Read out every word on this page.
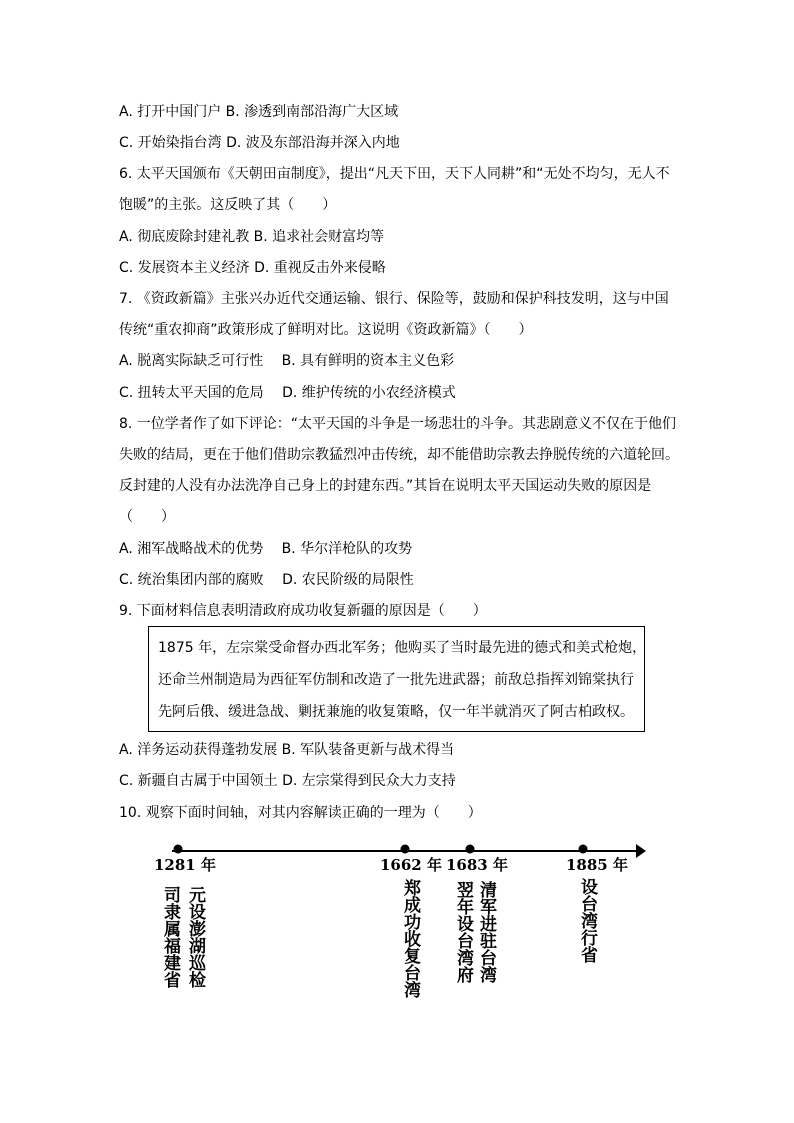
A. 打开中国门户 B. 渗透到南部沿海广大区域
C. 开始染指台湾 D. 波及东部沿海并深入内地
6. 太平天国颁布《天朝田亩制度》，提出“凡天下田，天下人同耕”和“无处不均匀，无人不
饱暖”的主张。这反映了其（　　）
A. 彻底废除封建礼教 B. 追求社会财富均等
C. 发展资本主义经济 D. 重视反击外来侵略
7. 《资政新篇》主张兴办近代交通运输、银行、保险等，鼓励和保护科技发明，这与中国
传统“重农抑商”政策形成了鲜明对比。这说明《资政新篇》（　　）
A. 脱离实际缺乏可行性　 B. 具有鲜明的资本主义色彩
C. 扭转太平天国的危局　 D. 维护传统的小农经济模式
8. 一位学者作了如下评论：“太平天国的斗争是一场悲壮的斗争。其悲剧意义不仅在于他们
失败的结局，更在于他们借助宗教猛烈冲击传统，却不能借助宗教去挣脱传统的六道轮回。
反封建的人没有办法洗净自己身上的封建东西。”其旨在说明太平天国运动失败的原因是
（　　）
A. 湘军战略战术的优势　 B. 华尔洋枪队的攻势
C. 统治集团内部的腐败　 D. 农民阶级的局限性
9. 下面材料信息表明清政府成功收复新疆的原因是（　　）
1875 年，左宗棠受命督办西北军务；他购买了当时最先进的德式和美式枪炮，
还命兰州制造局为西征军仿制和改造了一批先进武器；前敌总指挥刘锦棠执行
先阿后俄、缓进急战、剿抚兼施的收复策略，仅一年半就消灭了阿古柏政权。
A. 洋务运动获得蓬勃发展 B. 军队装备更新与战术得当
C. 新疆自古属于中国领土 D. 左宗棠得到民众大力支持
10. 观察下面时间轴，对其内容解读正确的一理为（　　）
1281 年	1662 年 1683 年	1885 年
司隶属福建省 元设澎湖巡检	郑成功收复台湾 翌年设台湾府 清军进驻台湾	设台湾行省
